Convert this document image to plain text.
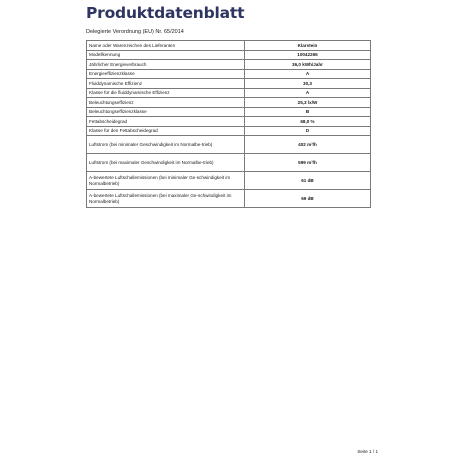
Produktdatenblatt
Delegierte Verordnung (EU) Nr. 65/2014
Name oder Warenzeichen des Lieferanten	Klarstein
Modellkennung	10042265
Jährlicher Energieverbrauch	36,0 kWh/Jahr
Energieeffizienzklasse	A
Fluiddynamische Effizienz	30,3
Klasse für die fluiddynamische Effizienz	A
Beleuchtungseffizienz	25,3 lx/W
Beleuchtungseffizienzklasse	B
Fettabscheidegrad	68,0 %
Klasse für den Fettabscheidegrad	D
Luftstrom (bei minimaler Geschwindigkeit im Normalbe-trieb)	402 m³/h
Luftstrom (bei maximaler Geschwindigkeit im Normalbe-trieb)	599 m³/h
A-bewertete Luftschallemissionen (bei minimaler Ge-schwindigkeit im Normalbetrieb)	61 dB
A-bewertete Luftschallemissionen (bei maximaler Ge-schwindigkeit im Normalbetrieb)	69 dB
Seite 1 / 1
